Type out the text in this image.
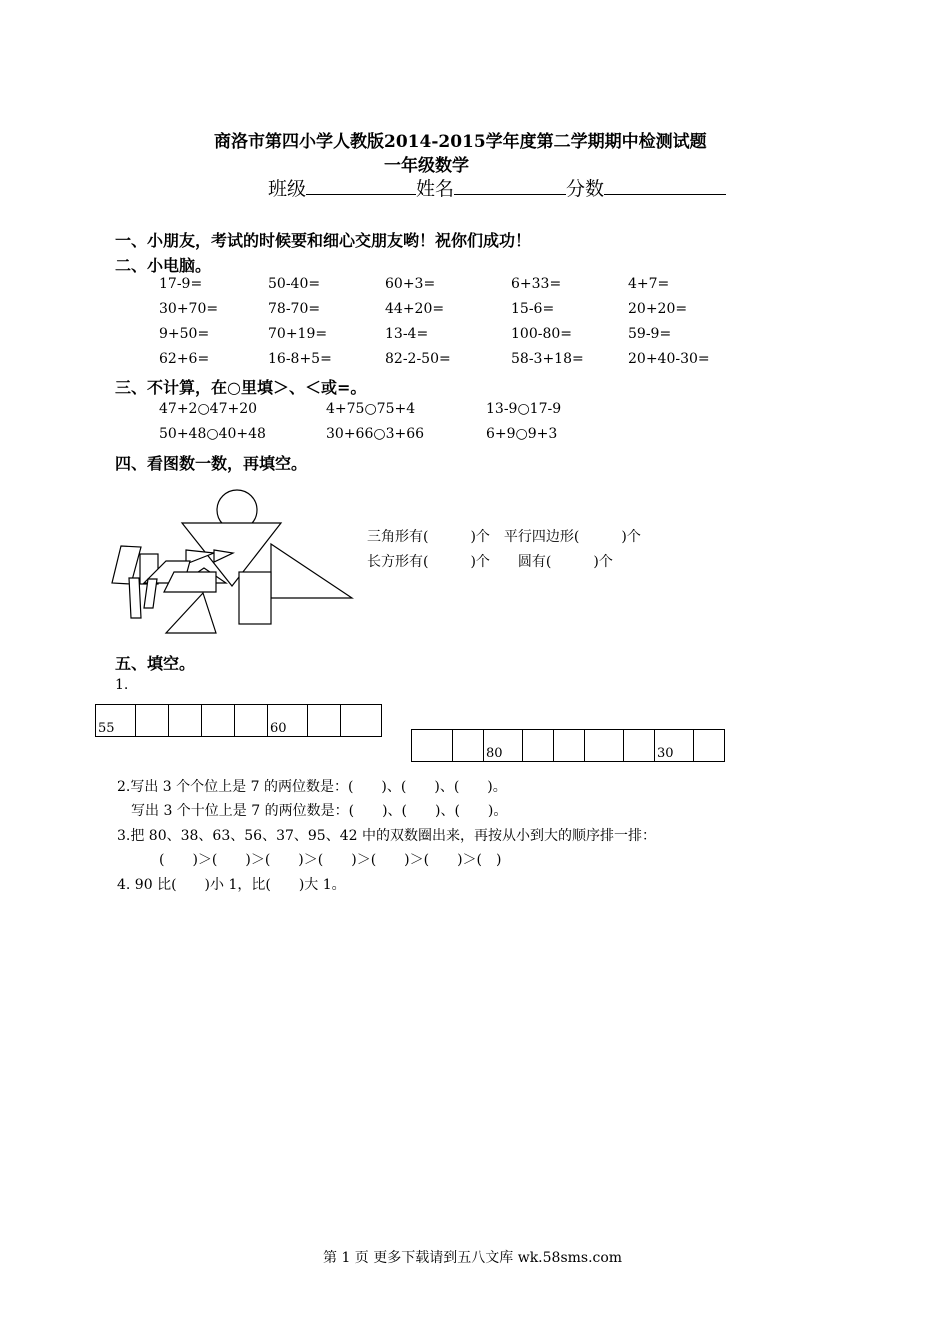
商洛市第四小学人教版2014-2015学年度第二学期期中检测试题
一年级数学
班级	姓名	分数
一、小朋友，考试的时候要和细心交朋友哟！祝你们成功！
二、小电脑。
17-9=	50-40=	60+3=	6+33=	4+7=
30+70=	78-70=	44+20=	15-6=	20+20=
9+50=	70+19=	13-4=	100-80=	59-9=
62+6=	16-8+5=	82-2-50=	58-3+18=	20+40-30=
三、不计算，在○里填＞、＜或=。
47+2○47+20	4+75○75+4	13-9○17-9
50+48○40+48	30+66○3+66	6+9○9+3
四、看图数一数，再填空。
三角形有(　　　)个　平行四边形(　　　)个
长方形有(　　　)个　　圆有(　　　)个
五、填空。
1.
55					60		
		80					30	
2.写出 3 个个位上是 7 的两位数是：(　　)、(　　)、(　　)。
写出 3 个十位上是 7 的两位数是：(　　)、(　　)、(　　)。
3.把 80、38、63、56、37、95、42 中的双数圈出来，再按从小到大的顺序排一排：
(　　)＞(　　)＞(　　)＞(　　)＞(　　)＞(　　)＞(　)
4. 90 比(　　)小 1，比(　　)大 1。
第 1 页 更多下载请到五八文库 wk.58sms.com
